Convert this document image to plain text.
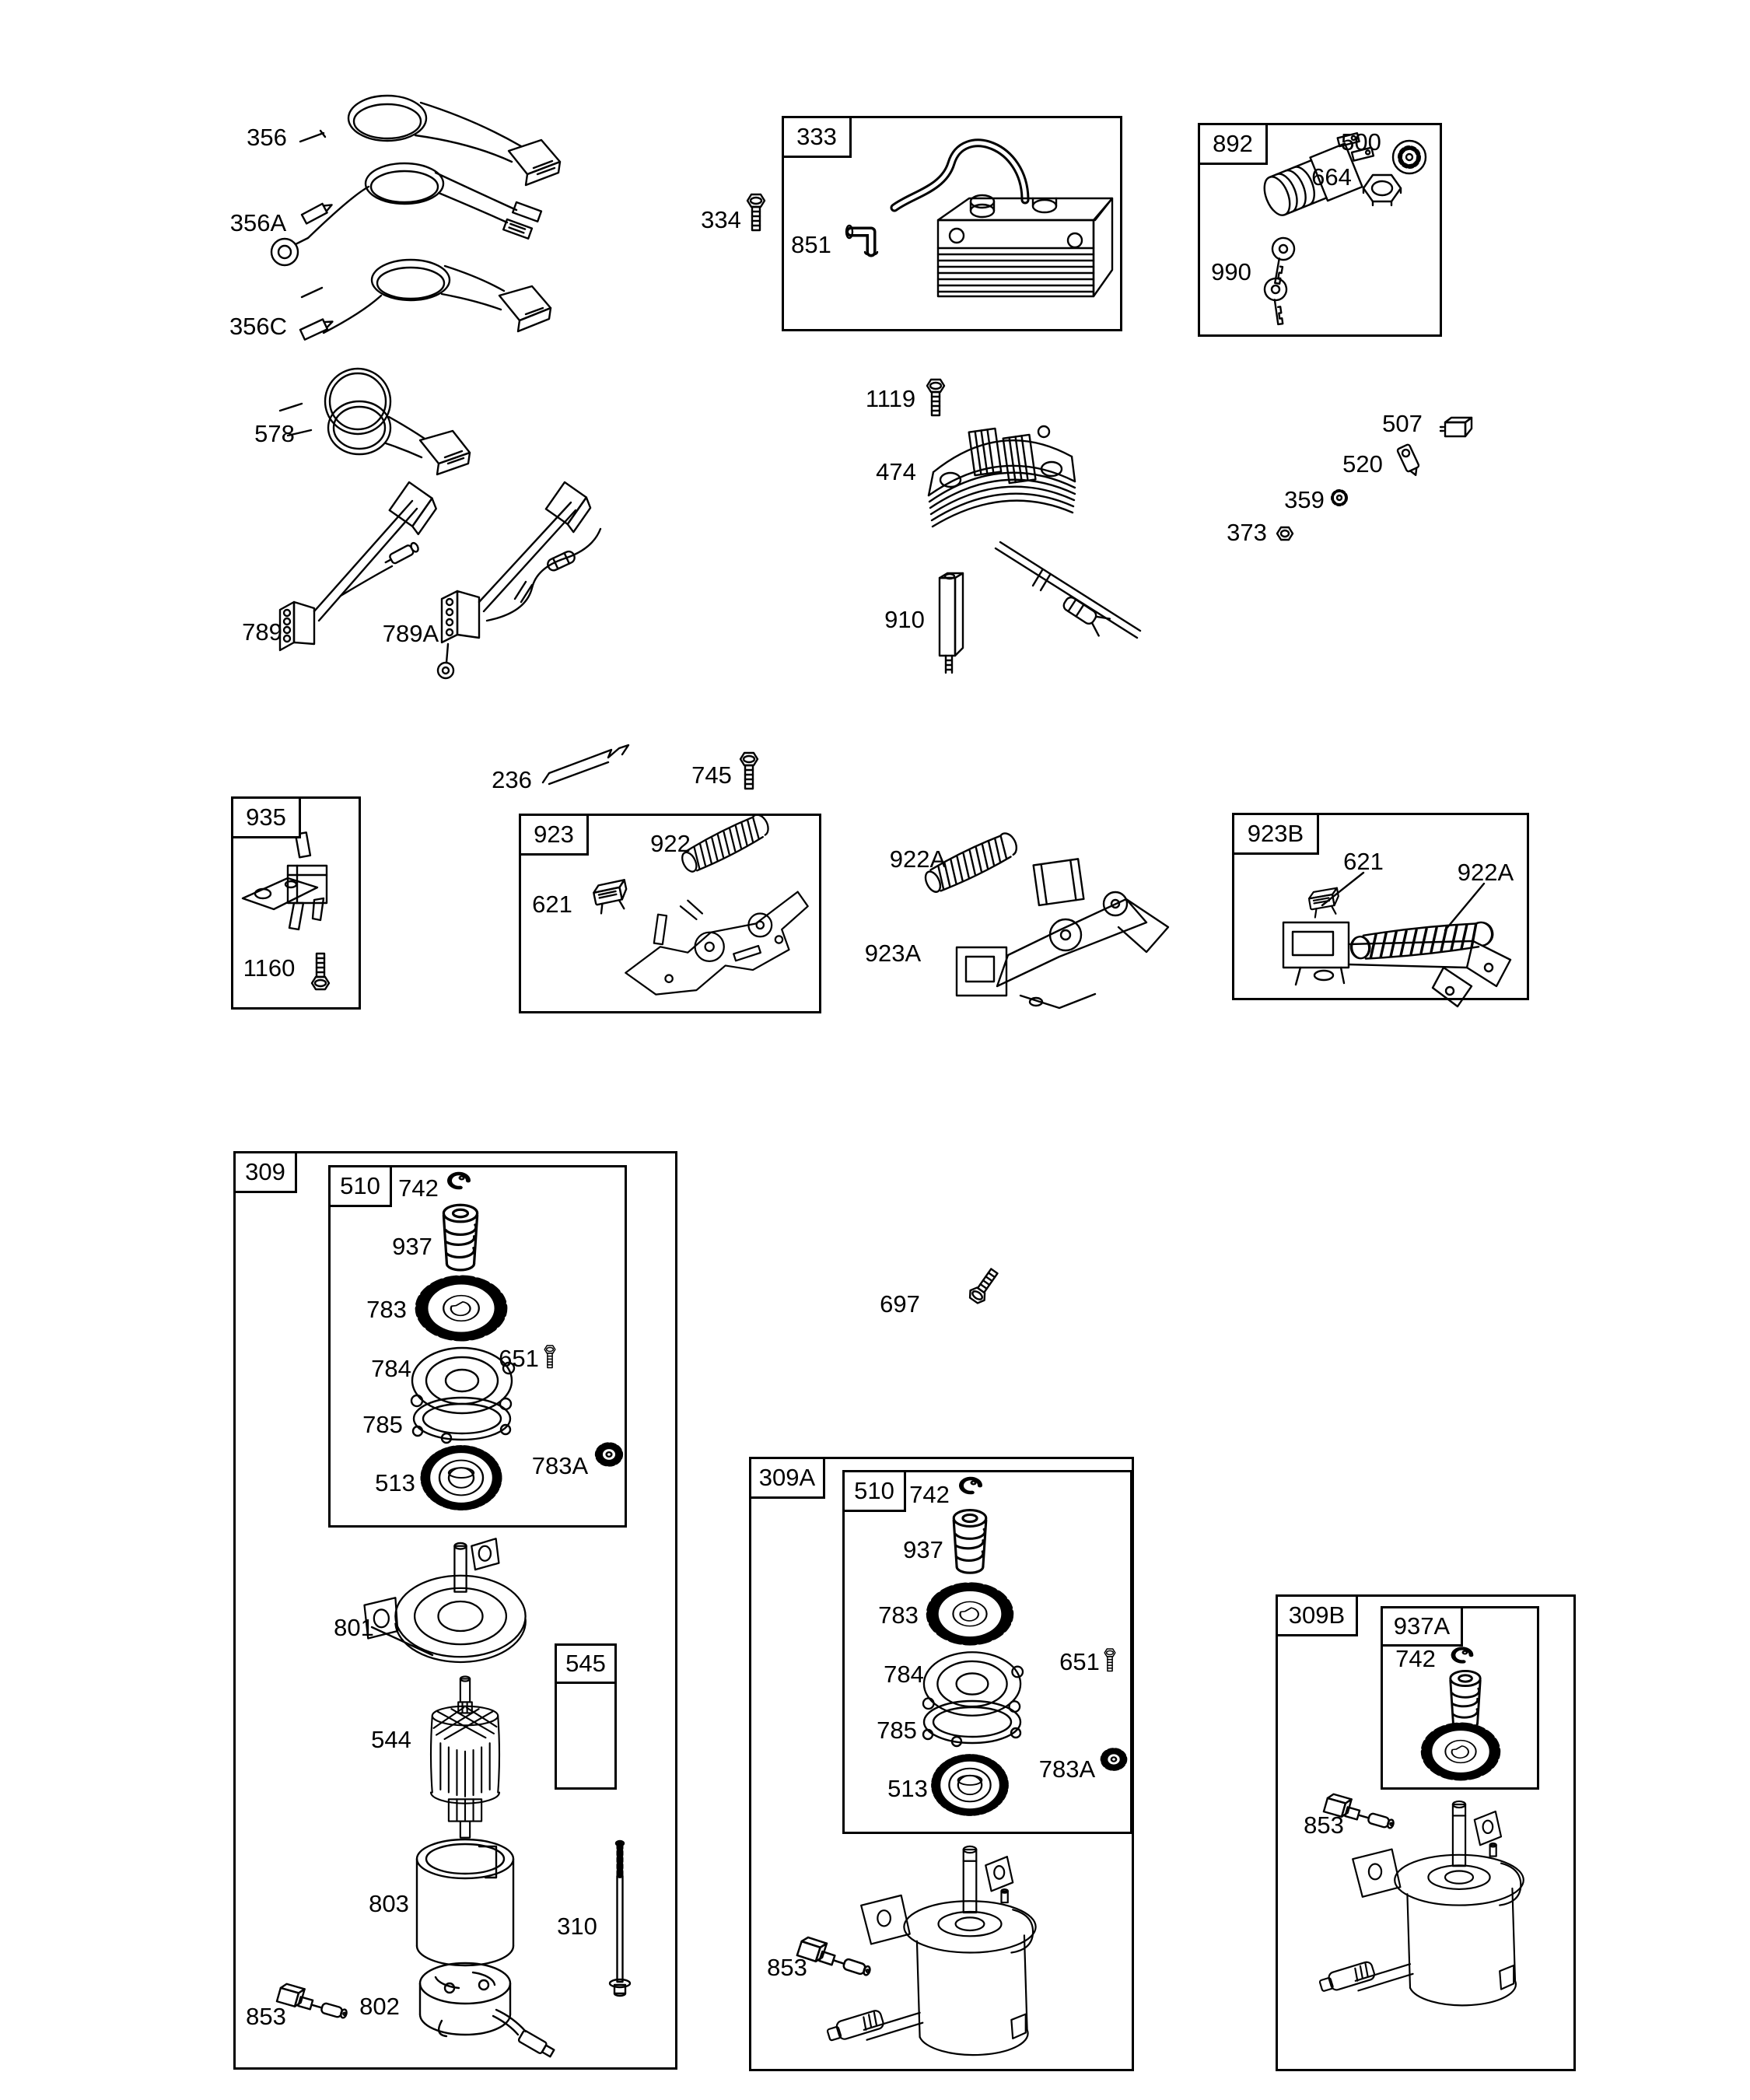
333	892
935
923	923B
309
510
545
309A 510
309B 937A
356
356A
356C
578
789	789A
334
851
500
664
990
1119
474
910
507
520
359
373
236	745
1160
922
621
922A
923A
621	922A
697
742
937
783
651
784
785
513
783A
801
544
803
310
853	802
742
937
783
651
784
785
513
783A
853
742
853
